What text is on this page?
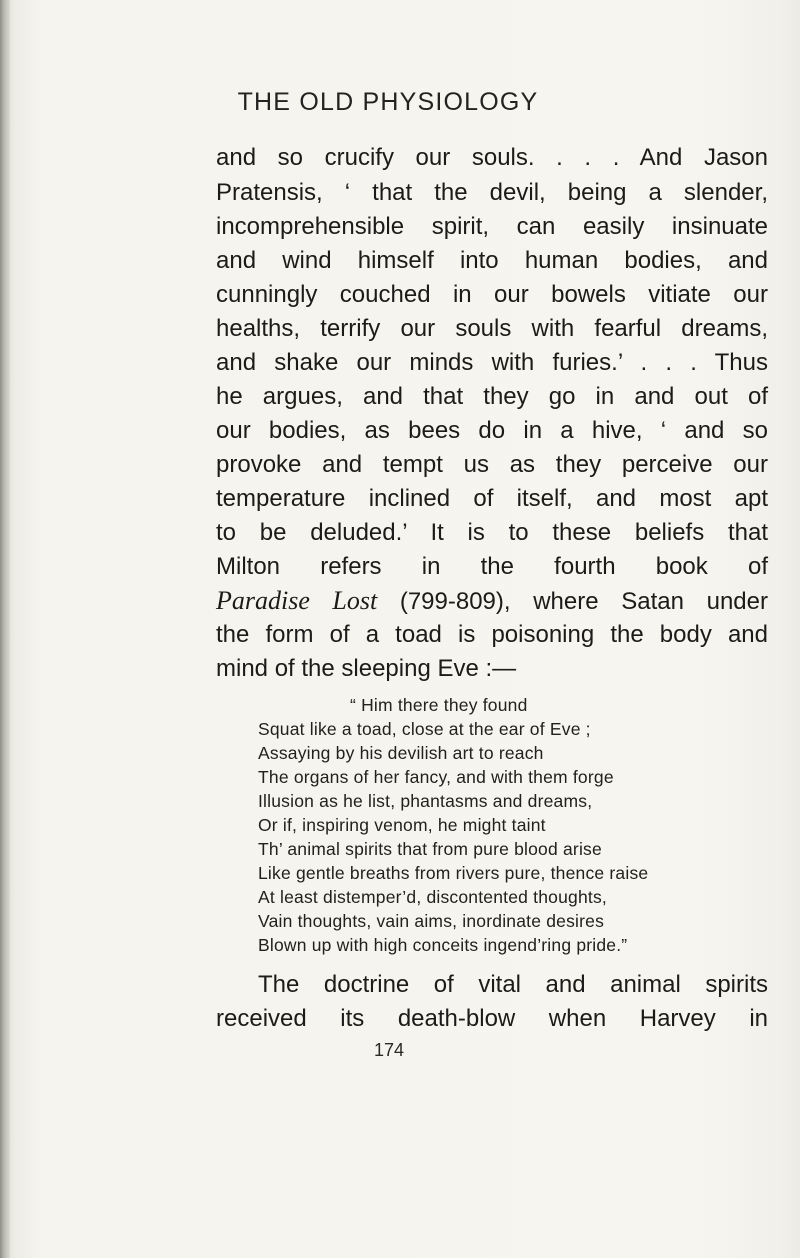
THE OLD PHYSIOLOGY
and so crucify our souls. . . . And Jason
Pratensis, ‘ that the devil, being a slender,
incomprehensible spirit, can easily insinuate
and wind himself into human bodies, and
cunningly couched in our bowels vitiate our
healths, terrify our souls with fearful dreams,
and shake our minds with furies.’ . . . Thus
he argues, and that they go in and out of
our bodies, as bees do in a hive, ‘ and so
provoke and tempt us as they perceive our
temperature inclined of itself, and most apt
to be deluded.’ It is to these beliefs that
Milton refers in the fourth book of
Paradise Lost (799-809), where Satan under
the form of a toad is poisoning the body and
mind of the sleeping Eve :—
“ Him there they found
Squat like a toad, close at the ear of Eve ;
Assaying by his devilish art to reach
The organs of her fancy, and with them forge
Illusion as he list, phantasms and dreams,
Or if, inspiring venom, he might taint
Th’ animal spirits that from pure blood arise
Like gentle breaths from rivers pure, thence raise
At least distemper’d, discontented thoughts,
Vain thoughts, vain aims, inordinate desires
Blown up with high conceits ingend’ring pride.”
The doctrine of vital and animal spirits
received its death-blow when Harvey in
174
